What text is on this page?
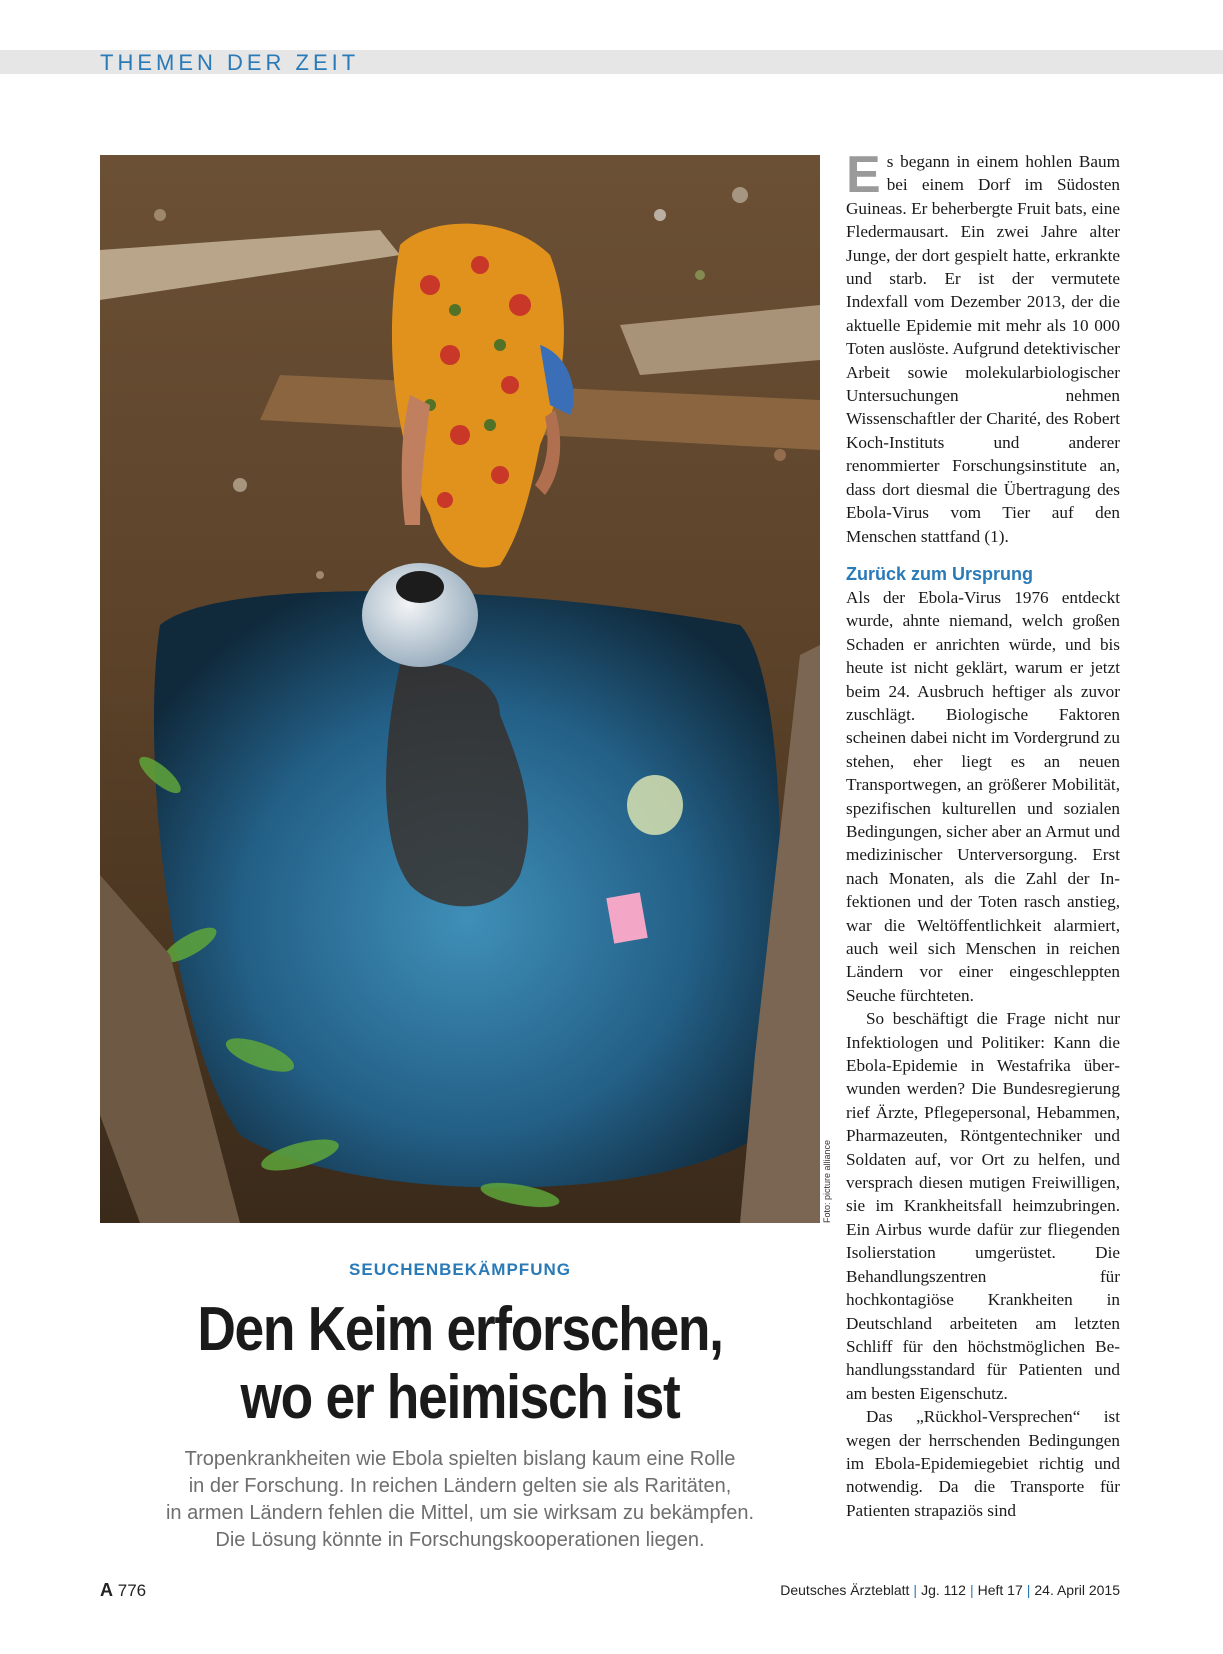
THEMEN DER ZEIT
Foto: picture alliance
SEUCHENBEKÄMPFUNG
Den Keim erforschen,
wo er heimisch ist
Tropenkrankheiten wie Ebola spielten bislang kaum eine Rolle
in der Forschung. In reichen Ländern gelten sie als Raritäten,
in armen Ländern fehlen die Mittel, um sie wirksam zu bekämpfen.
Die Lösung könnte in Forschungskooperationen liegen.

Es begann in einem hohlen Baum bei einem Dorf im Südosten Guineas. Er beherbergte Fruit bats, eine Fledermausart. Ein zwei Jahre alter Junge, der dort gespielt hatte, erkrankte und starb. Er ist der vermutete Indexfall vom Dezember 2013, der die aktuelle Epidemie mit mehr als 10 000 Toten auslöste. Aufgrund detektivischer Arbeit sowie molekularbiologischer Untersuchungen nehmen Wissenschaftler der Charité, des Robert Koch-Instituts und anderer renommierter Forschungsinstitute an, dass dort diesmal die Übertragung des Ebola-Virus vom Tier auf den Menschen stattfand (1).

Zurück zum Ursprung

Als der Ebola-Virus 1976 entdeckt wurde, ahnte niemand, welch großen Schaden er anrichten würde, und bis heute ist nicht geklärt, warum er jetzt beim 24. Ausbruch heftiger als zuvor zuschlägt. Biologische Faktoren scheinen dabei nicht im Vordergrund zu stehen, eher liegt es an neuen Transportwegen, an größerer Mobilität, spezifischen kulturellen und sozialen Bedingungen, sicher aber an Armut und medizinischer Unterversorgung. Erst nach Monaten, als die Zahl der Infektionen und der Toten rasch anstieg, war die Weltöffentlichkeit alarmiert, auch weil sich Menschen in reichen Ländern vor einer eingeschleppten Seuche fürchteten.

So beschäftigt die Frage nicht nur Infektiologen und Politiker: Kann die Ebola-Epidemie in Westafrika überwunden werden? Die Bundesregierung rief Ärzte, Pflegepersonal, Hebammen, Pharmazeuten, Röntgentechniker und Soldaten auf, vor Ort zu helfen, und versprach diesen mutigen Freiwilligen, sie im Krankheitsfall heimzubringen. Ein Airbus wurde dafür zur fliegenden Isolierstation umgerüstet. Die Behandlungszentren für hochkontagiöse Krankheiten in Deutschland arbeiteten am letzten Schliff für den höchstmöglichen Behandlungsstandard für Patienten und am besten Eigenschutz.

Das „Rückhol-Versprechen“ ist wegen der herrschenden Bedingungen im Ebola-Epidemiegebiet richtig und notwendig. Da die Transporte für Patienten strapaziös sind

A 776	Deutsches Ärzteblatt | Jg. 112 | Heft 17 | 24. April 2015
